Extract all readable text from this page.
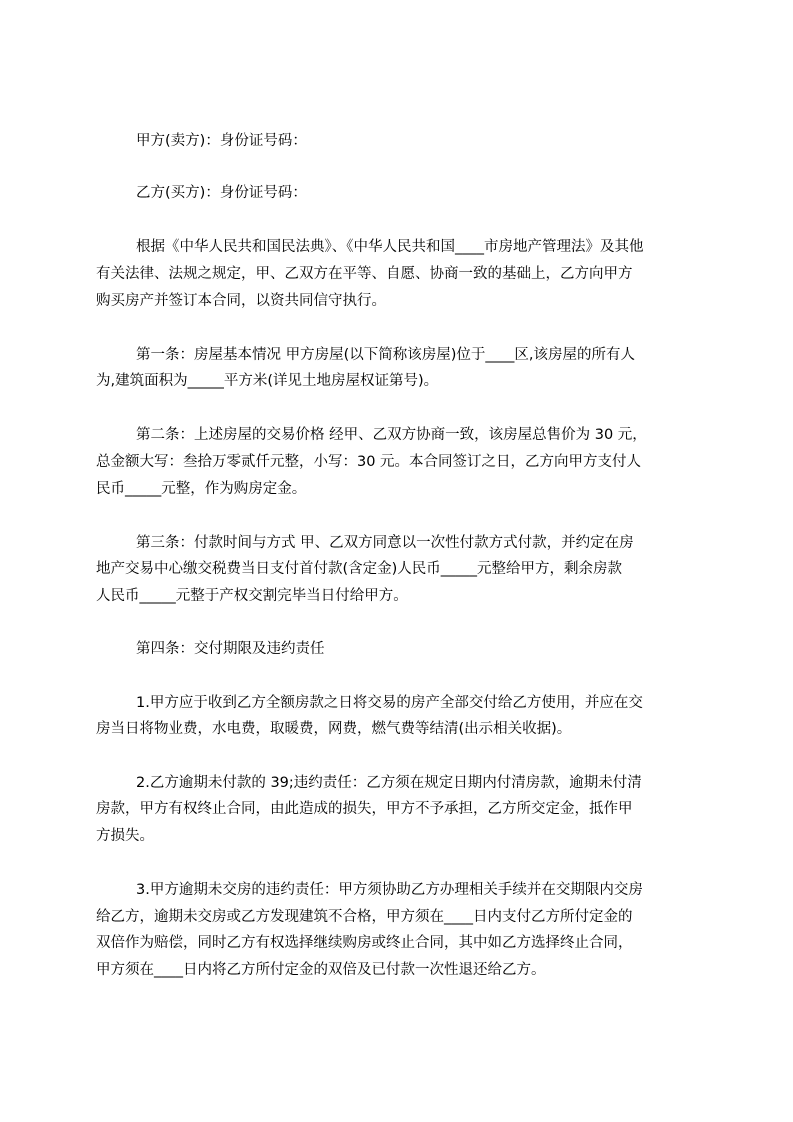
甲方(卖方)：身份证号码：
乙方(买方)：身份证号码：
根据《中华人民共和国民法典》、《中华人民共和国____市房地产管理法》及其他
有关法律、法规之规定，甲、乙双方在平等、自愿、协商一致的基础上，乙方向甲方
购买房产并签订本合同，以资共同信守执行。
第一条：房屋基本情况 甲方房屋(以下简称该房屋)位于____区,该房屋的所有人
为,建筑面积为_____平方米(详见土地房屋权证第号)。
第二条：上述房屋的交易价格 经甲、乙双方协商一致，该房屋总售价为 30 元，
总金额大写：叁拾万零贰仟元整，小写：30 元。本合同签订之日，乙方向甲方支付人
民币_____元整，作为购房定金。
第三条：付款时间与方式 甲、乙双方同意以一次性付款方式付款，并约定在房
地产交易中心缴交税费当日支付首付款(含定金)人民币_____元整给甲方，剩余房款
人民币_____元整于产权交割完毕当日付给甲方。
第四条：交付期限及违约责任
1.甲方应于收到乙方全额房款之日将交易的房产全部交付给乙方使用，并应在交
房当日将物业费，水电费，取暖费，网费，燃气费等结清(出示相关收据)。
2.乙方逾期未付款的 39;违约责任：乙方须在规定日期内付清房款，逾期未付清
房款，甲方有权终止合同，由此造成的损失，甲方不予承担，乙方所交定金，抵作甲
方损失。
3.甲方逾期未交房的违约责任：甲方须协助乙方办理相关手续并在交期限内交房
给乙方，逾期未交房或乙方发现建筑不合格，甲方须在____日内支付乙方所付定金的
双倍作为赔偿，同时乙方有权选择继续购房或终止合同，其中如乙方选择终止合同，
甲方须在____日内将乙方所付定金的双倍及已付款一次性退还给乙方。
